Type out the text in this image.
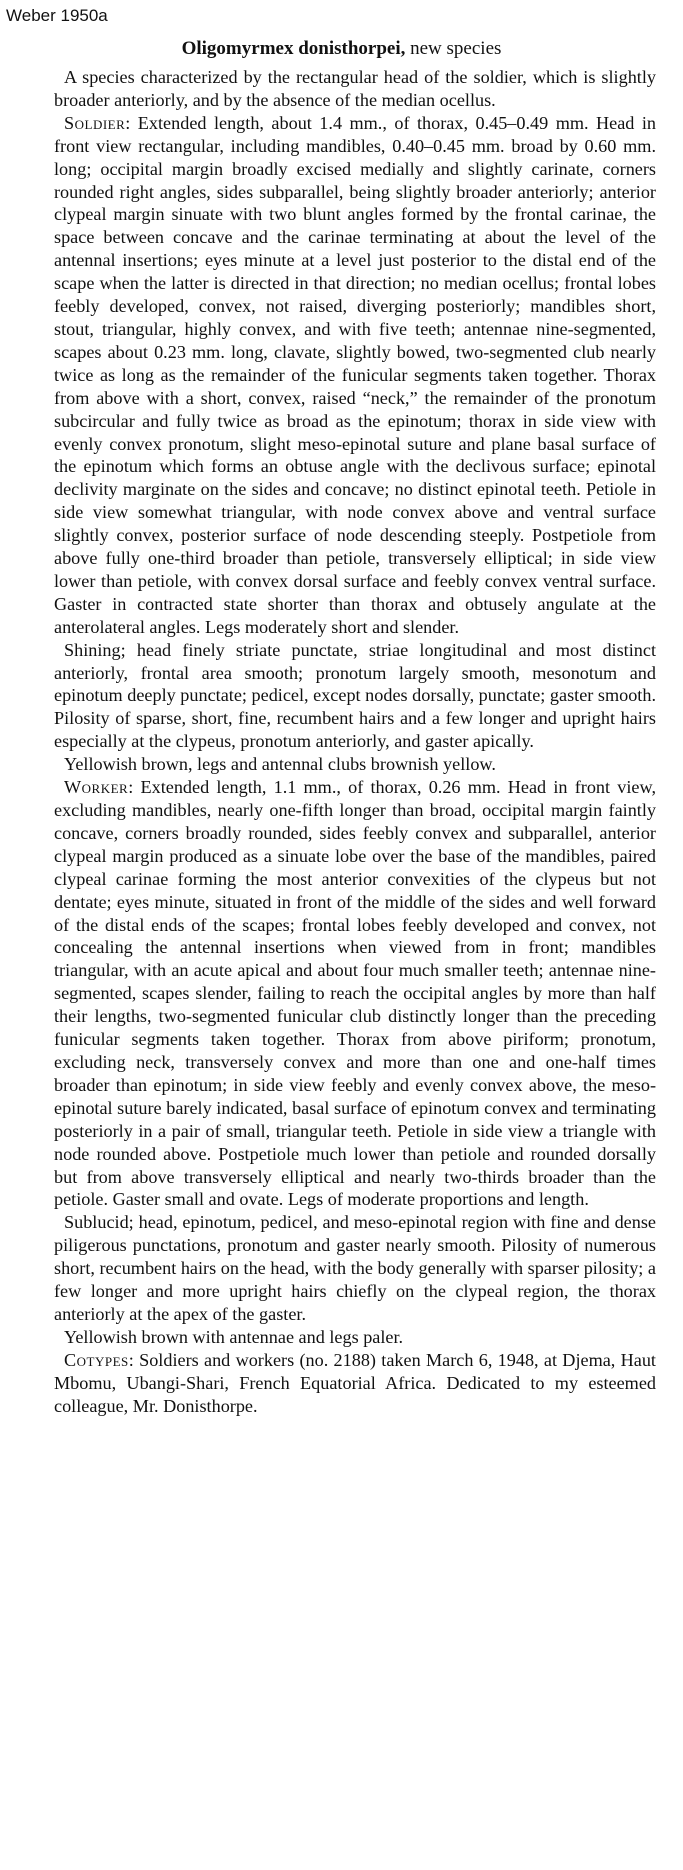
Weber 1950a
Oligomyrmex donisthorpei, new species

A species characterized by the rectangular head of the soldier, which is slightly broader anteriorly, and by the absence of the median ocellus.

Soldier: Extended length, about 1.4 mm., of thorax, 0.45–0.49 mm. Head in front view rectangular, including mandibles, 0.40–0.45 mm. broad by 0.60 mm. long; occipital margin broadly excised medially and slightly carinate, corners rounded right angles, sides subparallel, being slightly broader anteriorly; anterior clypeal margin sinuate with two blunt angles formed by the frontal carinae, the space between concave and the carinae terminating at about the level of the antennal insertions; eyes minute at a level just posterior to the distal end of the scape when the latter is directed in that direction; no median ocellus; frontal lobes feebly developed, convex, not raised, diverging posteriorly; mandibles short, stout, triangular, highly convex, and with five teeth; antennae nine-segmented, scapes about 0.23 mm. long, clavate, slightly bowed, two-segmented club nearly twice as long as the remainder of the funicular segments taken together. Thorax from above with a short, convex, raised “neck,” the remainder of the pronotum subcircular and fully twice as broad as the epinotum; thorax in side view with evenly convex pronotum, slight meso-epinotal suture and plane basal surface of the epinotum which forms an obtuse angle with the declivous surface; epinotal declivity marginate on the sides and concave; no distinct epinotal teeth. Petiole in side view somewhat triangular, with node convex above and ventral surface slightly convex, posterior surface of node descending steeply. Postpetiole from above fully one-third broader than petiole, transversely elliptical; in side view lower than petiole, with convex dorsal surface and feebly convex ventral surface. Gaster in contracted state shorter than thorax and obtusely angulate at the anterolateral angles. Legs moderately short and slender.

Shining; head finely striate punctate, striae longitudinal and most distinct anteriorly, frontal area smooth; pronotum largely smooth, mesonotum and epinotum deeply punctate; pedicel, except nodes dorsally, punctate; gaster smooth. Pilosity of sparse, short, fine, recumbent hairs and a few longer and upright hairs especially at the clypeus, pronotum anteriorly, and gaster apically.

Yellowish brown, legs and antennal clubs brownish yellow.

Worker: Extended length, 1.1 mm., of thorax, 0.26 mm. Head in front view, excluding mandibles, nearly one-fifth longer than broad, occipital margin faintly concave, corners broadly rounded, sides feebly convex and subparallel, anterior clypeal margin produced as a sinuate lobe over the base of the mandibles, paired clypeal carinae forming the most anterior convexities of the clypeus but not dentate; eyes minute, situated in front of the middle of the sides and well forward of the distal ends of the scapes; frontal lobes feebly developed and convex, not concealing the antennal insertions when viewed from in front; mandibles triangular, with an acute apical and about four much smaller teeth; antennae nine-segmented, scapes slender, failing to reach the occipital angles by more than half their lengths, two-segmented funicular club distinctly longer than the preceding funicular segments taken together. Thorax from above piriform; pronotum, excluding neck, transversely convex and more than one and one-half times broader than epinotum; in side view feebly and evenly convex above, the meso-epinotal suture barely indicated, basal surface of epinotum convex and terminating posteriorly in a pair of small, triangular teeth. Petiole in side view a triangle with node rounded above. Postpetiole much lower than petiole and rounded dorsally but from above transversely elliptical and nearly two-thirds broader than the petiole. Gaster small and ovate. Legs of moderate proportions and length.

Sublucid; head, epinotum, pedicel, and meso-epinotal region with fine and dense piligerous punctations, pronotum and gaster nearly smooth. Pilosity of numerous short, recumbent hairs on the head, with the body generally with sparser pilosity; a few longer and more upright hairs chiefly on the clypeal region, the thorax anteriorly at the apex of the gaster.

Yellowish brown with antennae and legs paler.

Cotypes: Soldiers and workers (no. 2188) taken March 6, 1948, at Djema, Haut Mbomu, Ubangi-Shari, French Equatorial Africa. Dedicated to my esteemed colleague, Mr. Donisthorpe.
